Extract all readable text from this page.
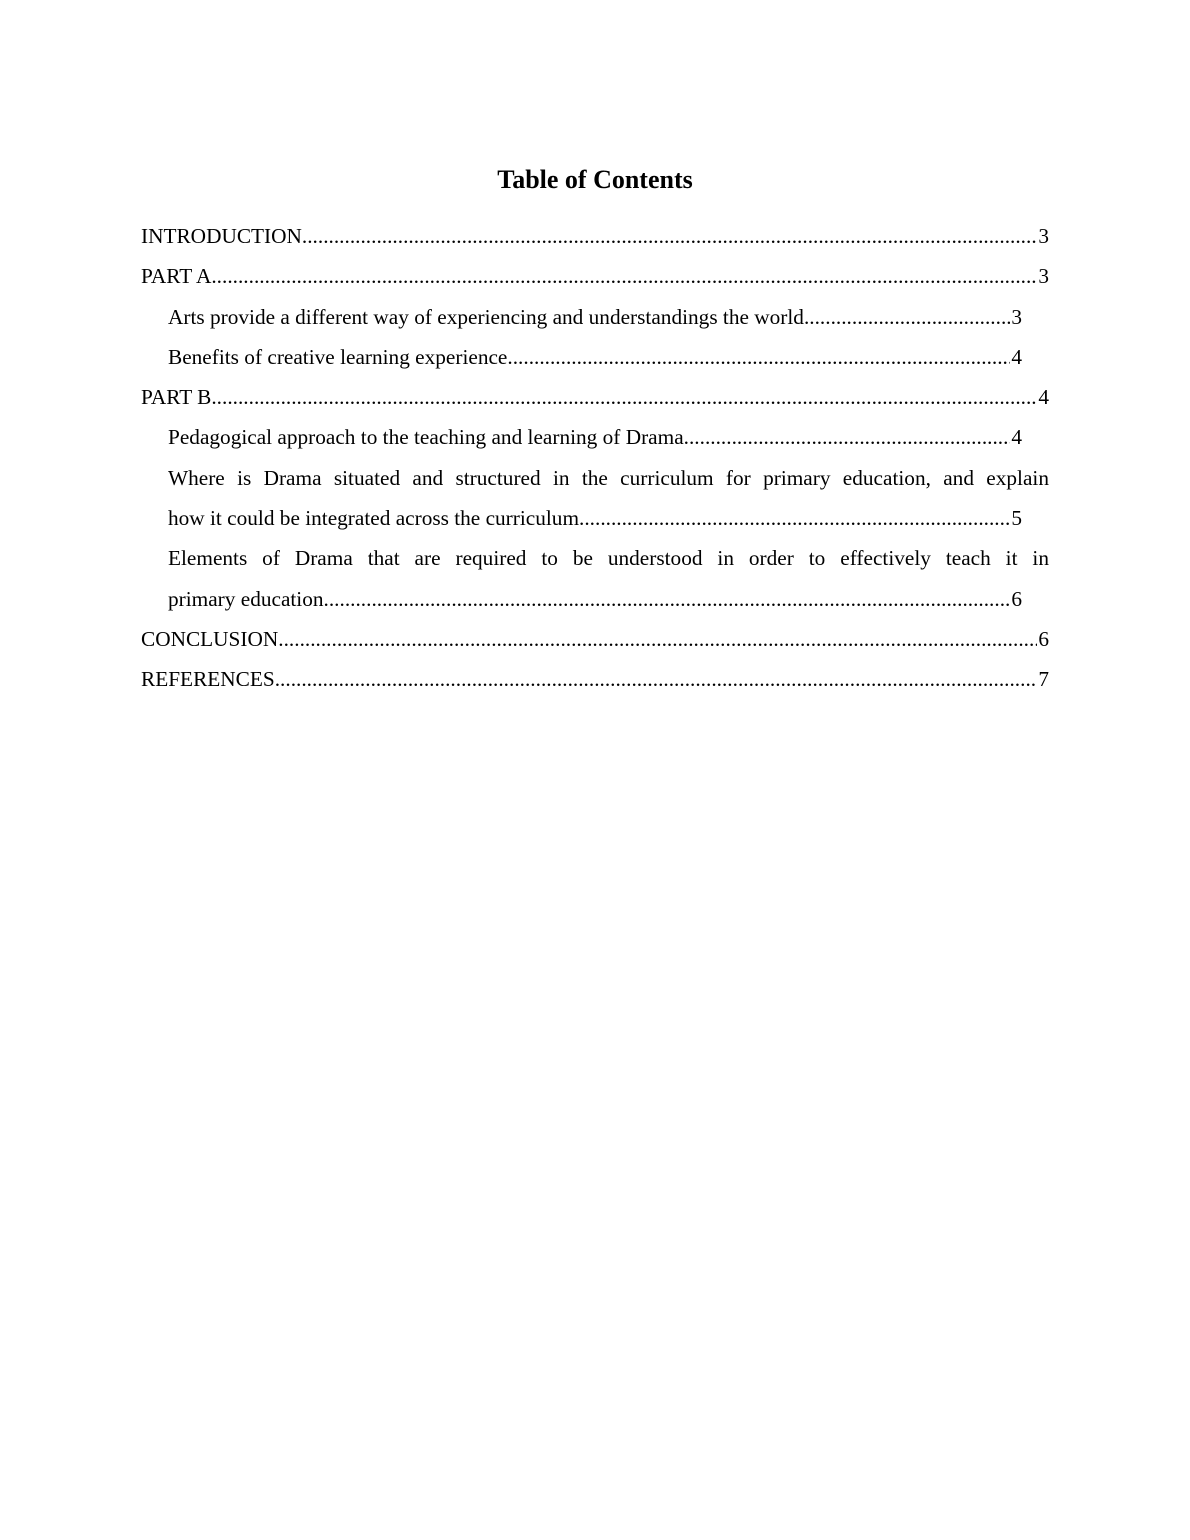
Table of Contents
INTRODUCTION .....	3
PART A .....	3
Arts provide a different way of experiencing and understandings the world .....	3
Benefits of creative learning experience .....	4
PART B .....	4
Pedagogical approach to the teaching and learning of Drama .....	4
Where is Drama situated and structured in the curriculum for primary education, and explain
how it could be integrated across the curriculum .....	5
Elements of Drama that are required to be understood in order to effectively teach it in
primary education .....	6
CONCLUSION .....	6
REFERENCES .....	7
